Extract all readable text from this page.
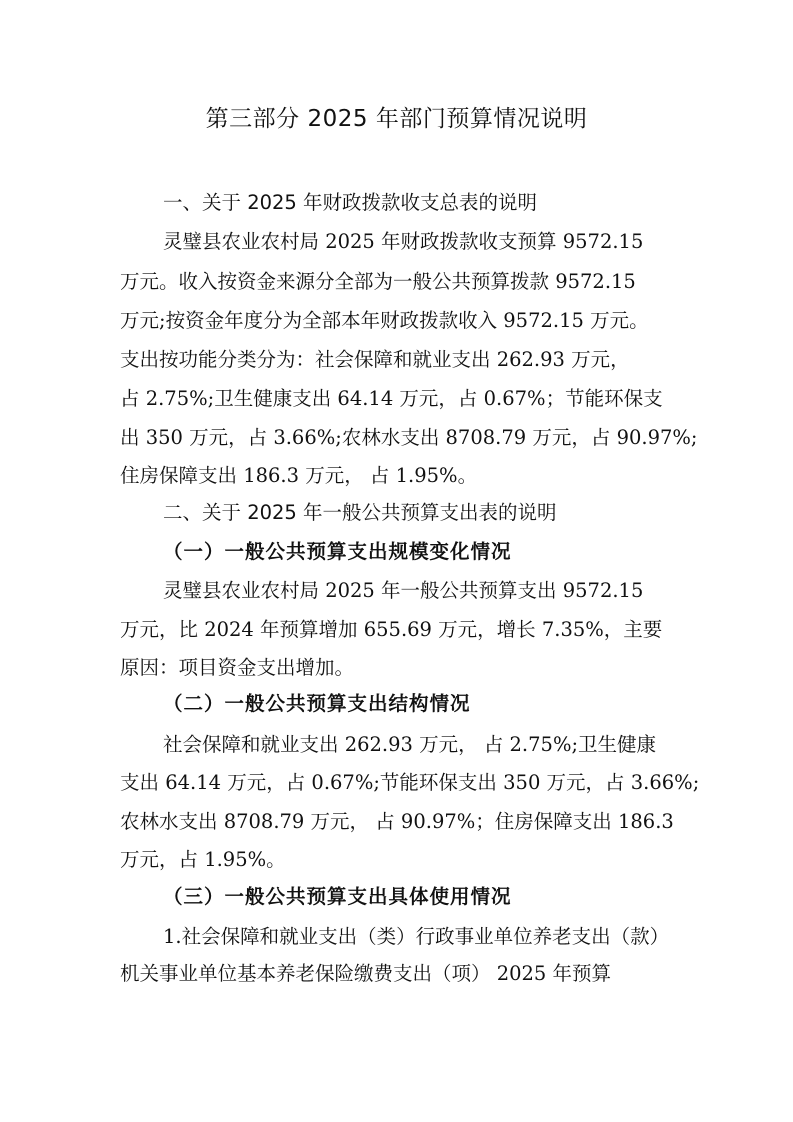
第三部分 2025 年部门预算情况说明
一、关于 2025 年财政拨款收支总表的说明
灵璧县农业农村局 2025 年财政拨款收支预算 9572.15
万元。收入按资金来源分全部为一般公共预算拨款 9572.15
万元;按资金年度分为全部本年财政拨款收入 9572.15 万元。
支出按功能分类分为：社会保障和就业支出 262.93 万元，
占 2.75%;卫生健康支出 64.14 万元，占 0.67%；节能环保支
出 350 万元，占 3.66%;农林水支出 8708.79 万元，占 90.97%;
住房保障支出 186.3 万元， 占 1.95%。
二、关于 2025 年一般公共预算支出表的说明
（一）一般公共预算支出规模变化情况
灵璧县农业农村局 2025 年一般公共预算支出 9572.15
万元，比 2024 年预算增加 655.69 万元，增长 7.35%，主要
原因：项目资金支出增加。
（二）一般公共预算支出结构情况
社会保障和就业支出 262.93 万元， 占 2.75%;卫生健康
支出 64.14 万元，占 0.67%;节能环保支出 350 万元，占 3.66%;
农林水支出 8708.79 万元， 占 90.97%；住房保障支出 186.3
万元，占 1.95%。
（三）一般公共预算支出具体使用情况
1.社会保障和就业支出（类）行政事业单位养老支出（款）
机关事业单位基本养老保险缴费支出（项） 2025 年预算
